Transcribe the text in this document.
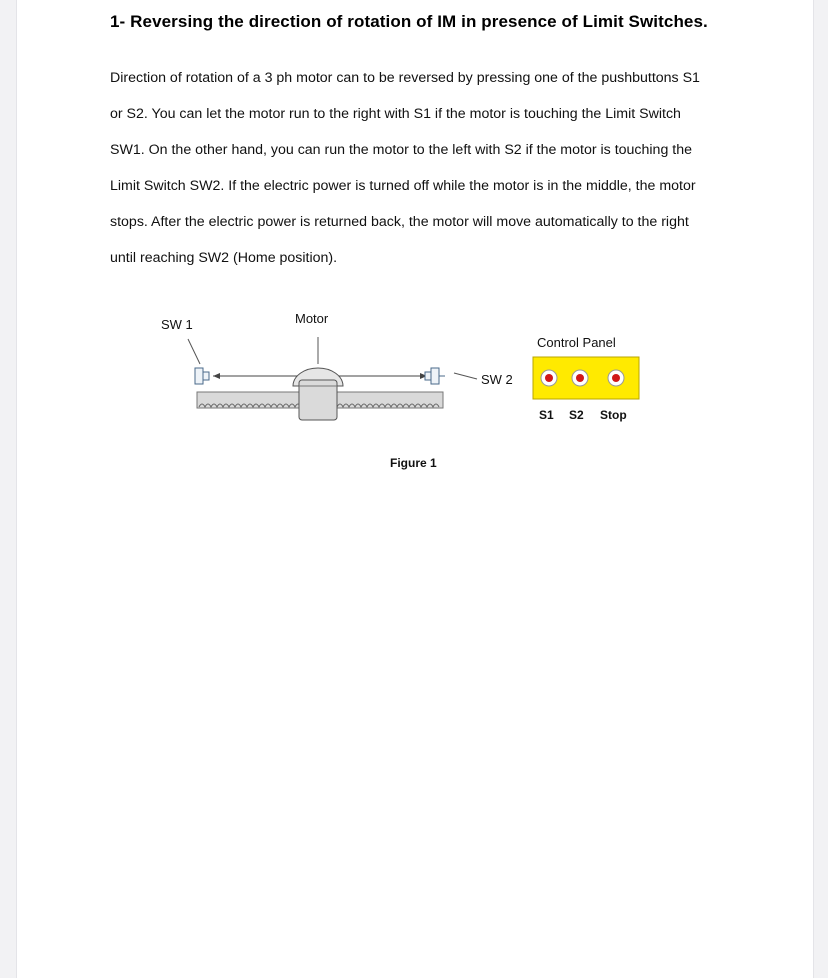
1- Reversing the direction of rotation of IM in presence of Limit Switches.
Direction of rotation of a 3 ph motor can to be reversed by pressing one of the pushbuttons S1
or S2. You can let the motor run to the right with S1 if the motor is touching the Limit Switch
SW1. On the other hand, you can run the motor to the left with S2 if the motor is touching the
Limit Switch SW2. If the electric power is turned off while the motor is in the middle, the motor
stops. After the electric power is returned back, the motor will move automatically to the right
until reaching SW2 (Home position).
SW 1	Motor
SW 2
Control Panel
S1 S2 Stop
Figure 1
